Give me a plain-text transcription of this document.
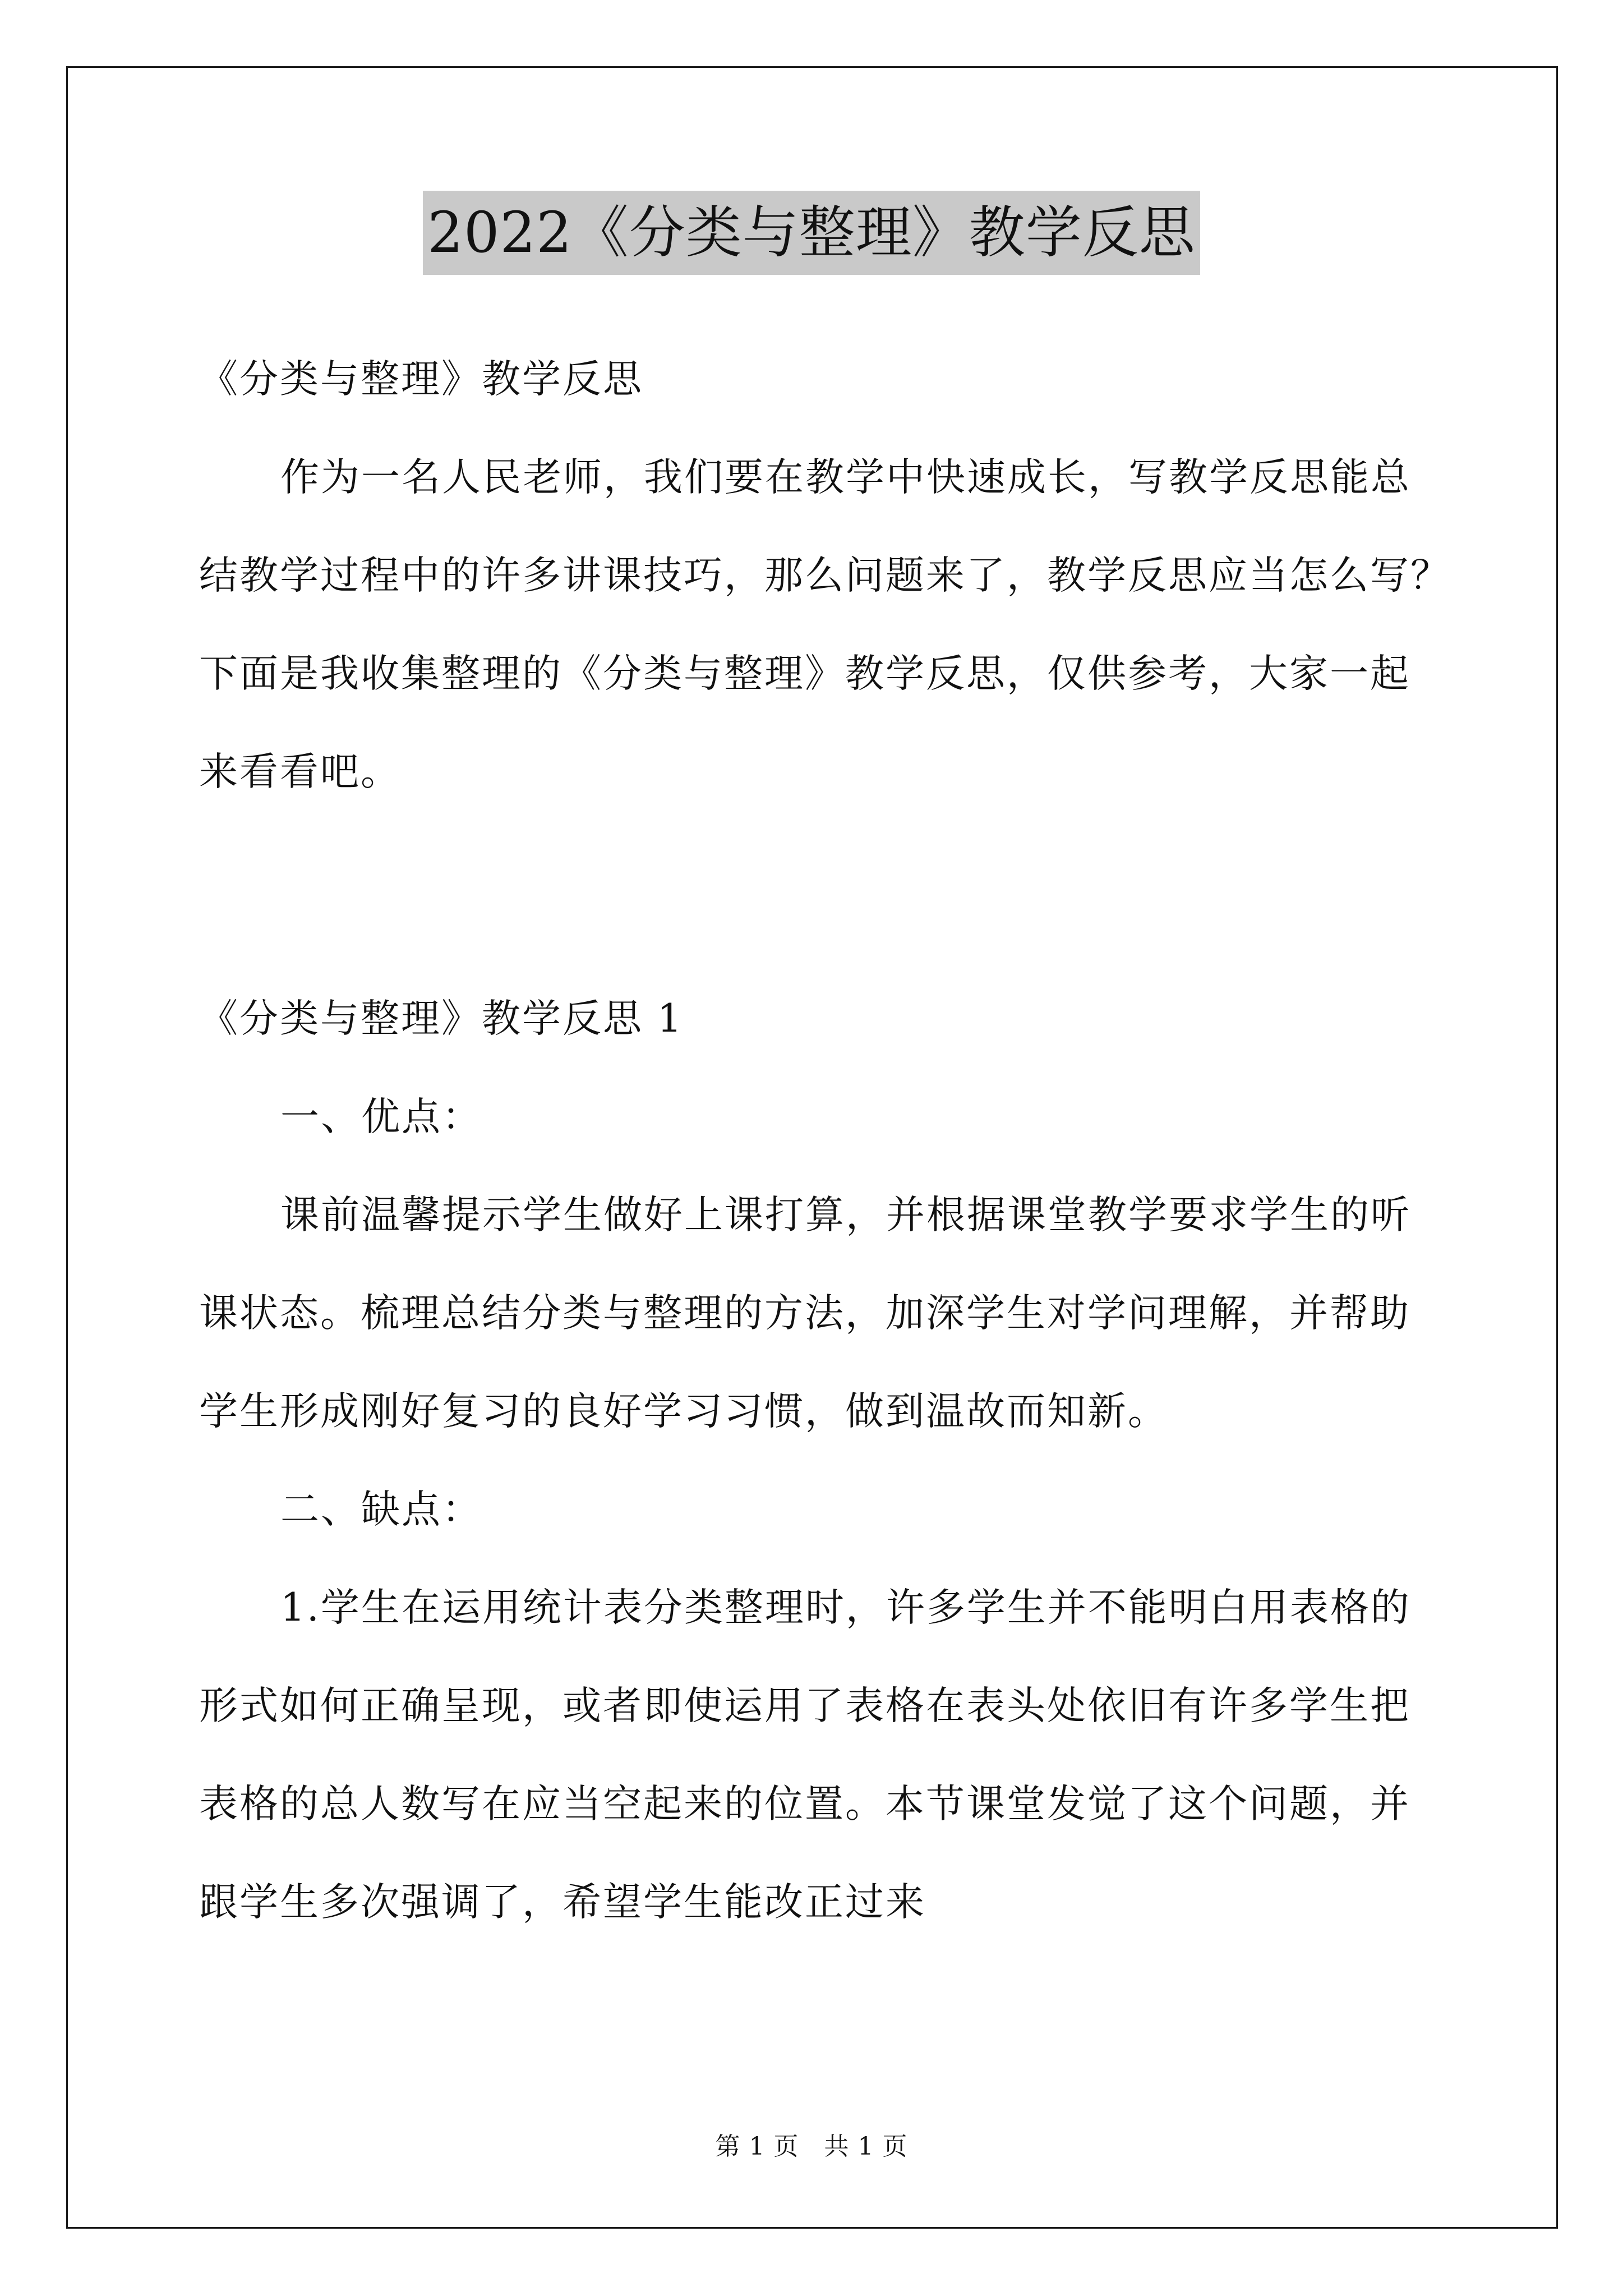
2022《分类与整理》教学反思
《分类与整理》教学反思
作为一名人民老师，我们要在教学中快速成长，写教学反思能总
结教学过程中的许多讲课技巧，那么问题来了，教学反思应当怎么写？
下面是我收集整理的《分类与整理》教学反思，仅供参考，大家一起
来看看吧。
《分类与整理》教学反思 1
一、优点：
课前温馨提示学生做好上课打算，并根据课堂教学要求学生的听
课状态。梳理总结分类与整理的方法，加深学生对学问理解，并帮助
学生形成刚好复习的良好学习习惯，做到温故而知新。
二、缺点：
1.学生在运用统计表分类整理时，许多学生并不能明白用表格的
形式如何正确呈现，或者即使运用了表格在表头处依旧有许多学生把
表格的总人数写在应当空起来的位置。本节课堂发觉了这个问题，并
跟学生多次强调了，希望学生能改正过来
第 1 页　共 1 页
